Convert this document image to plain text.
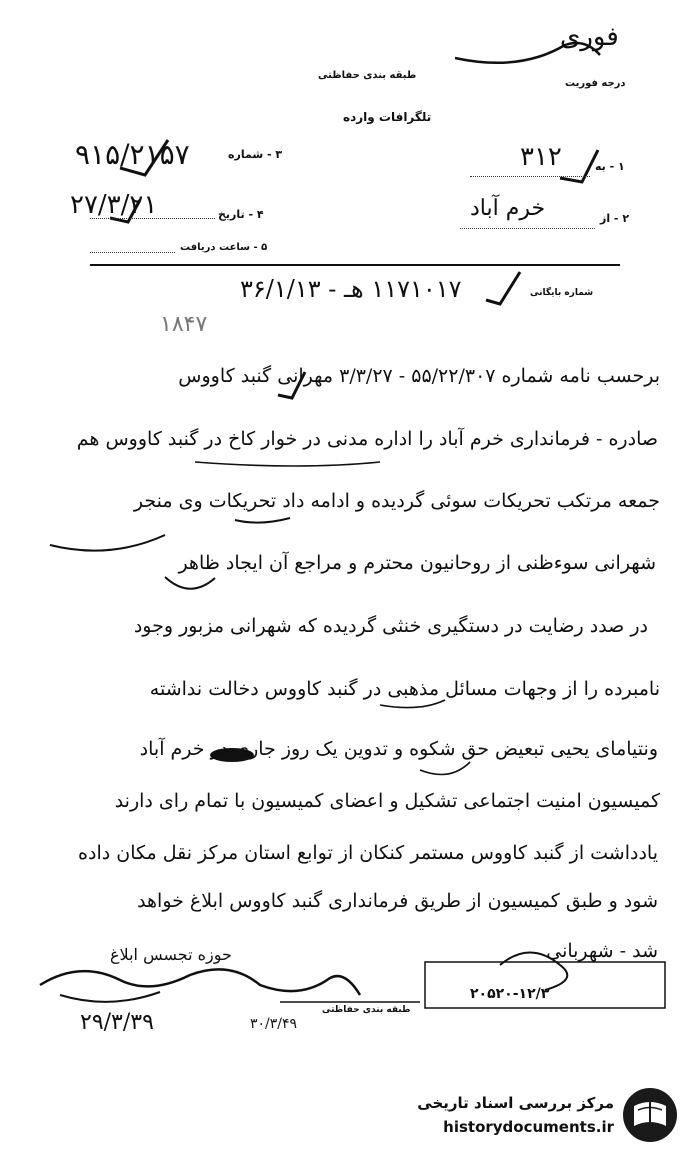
درجه فوریت
فوری
طبقه بندی حفاظتی
تلگرافات وارده
۱ - به
۳۱۲
۳ - شماره
۹۱۵/۲۱۵۷
۲ - از
خرم آباد
۴ - تاریخ
۲۷/۳/۲۱
۵ - ساعت دریافت
شماره بایگانی
۱۱۷۱۰۱۷ هـ - ۳۶/۱/۱۳
۱۸۴۷
برحسب نامه شماره ۵۵/۲۲/۳۰۷ - ۳/۳/۲۷ مهرانی گنبد کاووس
صادره - فرمانداری خرم آباد را اداره مدنی در خوار کاخ در گنبد کاووس هم
جمعه مرتکب تحریکات سوئی گردیده و ادامه داد تحریکات وی منجر
شهرانی سوءظنی از روحانیون محترم و مراجع آن ایجاد ظاهر
در صدد رضایت در دستگیری خنثی گردیده که شهرانی مزبور وجود
نامبرده را از وجهات مسائل مذهبی در گنبد کاووس دخالت نداشته
ونتیامای یحیی تبعیض حق شکوه و تدوین یک روز جاری در خرم آباد
کمیسیون امنیت اجتماعی تشکیل و اعضای کمیسیون با تمام رای دارند
یادداشت از گنبد کاووس مستمر کنکان از توابع استان مرکز نقل مکان داده
شود و طبق کمیسیون از طریق فرمانداری گنبد کاووس ابلاغ خواهد
شد - شهربانی
حوزه تجسس ابلاغ
طبقه بندی حفاظتی
۲۰۵۲۰-۱۲/۳
۲۹/۳/۳۹	۳۰/۳/۴۹
مرکز بررسی اسناد تاریخی
historydocuments.ir
